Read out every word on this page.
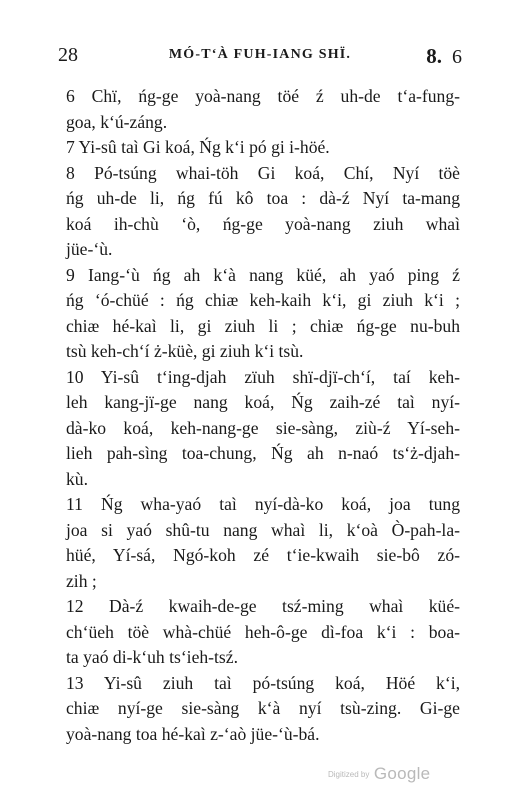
28	MÓ-T‘À FUH-IANG SHÏ.	8. 6

6 Chï, ńg-ge yoà-nang töé ź uh-de t‘a-fung-
goa, k‘ú-záng.

7 Yi-sû taì Gi koá, Ńg k‘i pó gi i-höé.

8 Pó-tsúng whai-töh Gi koá, Chí, Nyí töè
ńg uh-de li, ńg fú kô toa : dà-ź Nyí ta-mang
koá ih-chù ‘ò, ńg-ge yoà-nang ziuh whaì
jüe-‘ù.

9 Iang-‘ù ńg ah k‘à nang küé, ah yaó ping ź
ńg ‘ó-chüé : ńg chiæ keh-kaih k‘i, gi ziuh k‘i ;
chiæ hé-kaì li, gi ziuh li ; chiæ ńg-ge nu-buh
tsù keh-ch‘í ż-küè, gi ziuh k‘i tsù.

10 Yi-sû t‘ing-djah zïuh shï-djï-ch‘í, taí keh-
leh kang-jï-ge nang koá, Ńg zaih-zé taì nyí-
dà-ko koá, keh-nang-ge sie-sàng, ziù-ź Yí-seh-
lieh pah-sìng toa-chung, Ńg ah n-naó ts‘ż-djah-
kù.

11 Ńg wha-yaó taì nyí-dà-ko koá, joa tung
joa si yaó shû-tu nang whaì li, k‘oà Ò-pah-la-
hüé, Yí-sá, Ngó-koh zé t‘ie-kwaih sie-bô zó-
zih ;

12 Dà-ź kwaih-de-ge tsź-ming whaì küé-
ch‘üeh töè whà-chüé heh-ô-ge dì-foa k‘i : boa-
ta yaó di-k‘uh ts‘ieh-tsź.

13 Yi-sû ziuh taì pó-tsúng koá, Höé k‘i,
chiæ nyí-ge sie-sàng k‘à nyí tsù-zing. Gi-ge
yoà-nang toa hé-kaì z-‘aò jüe-‘ù-bá.

Digitized by Google
